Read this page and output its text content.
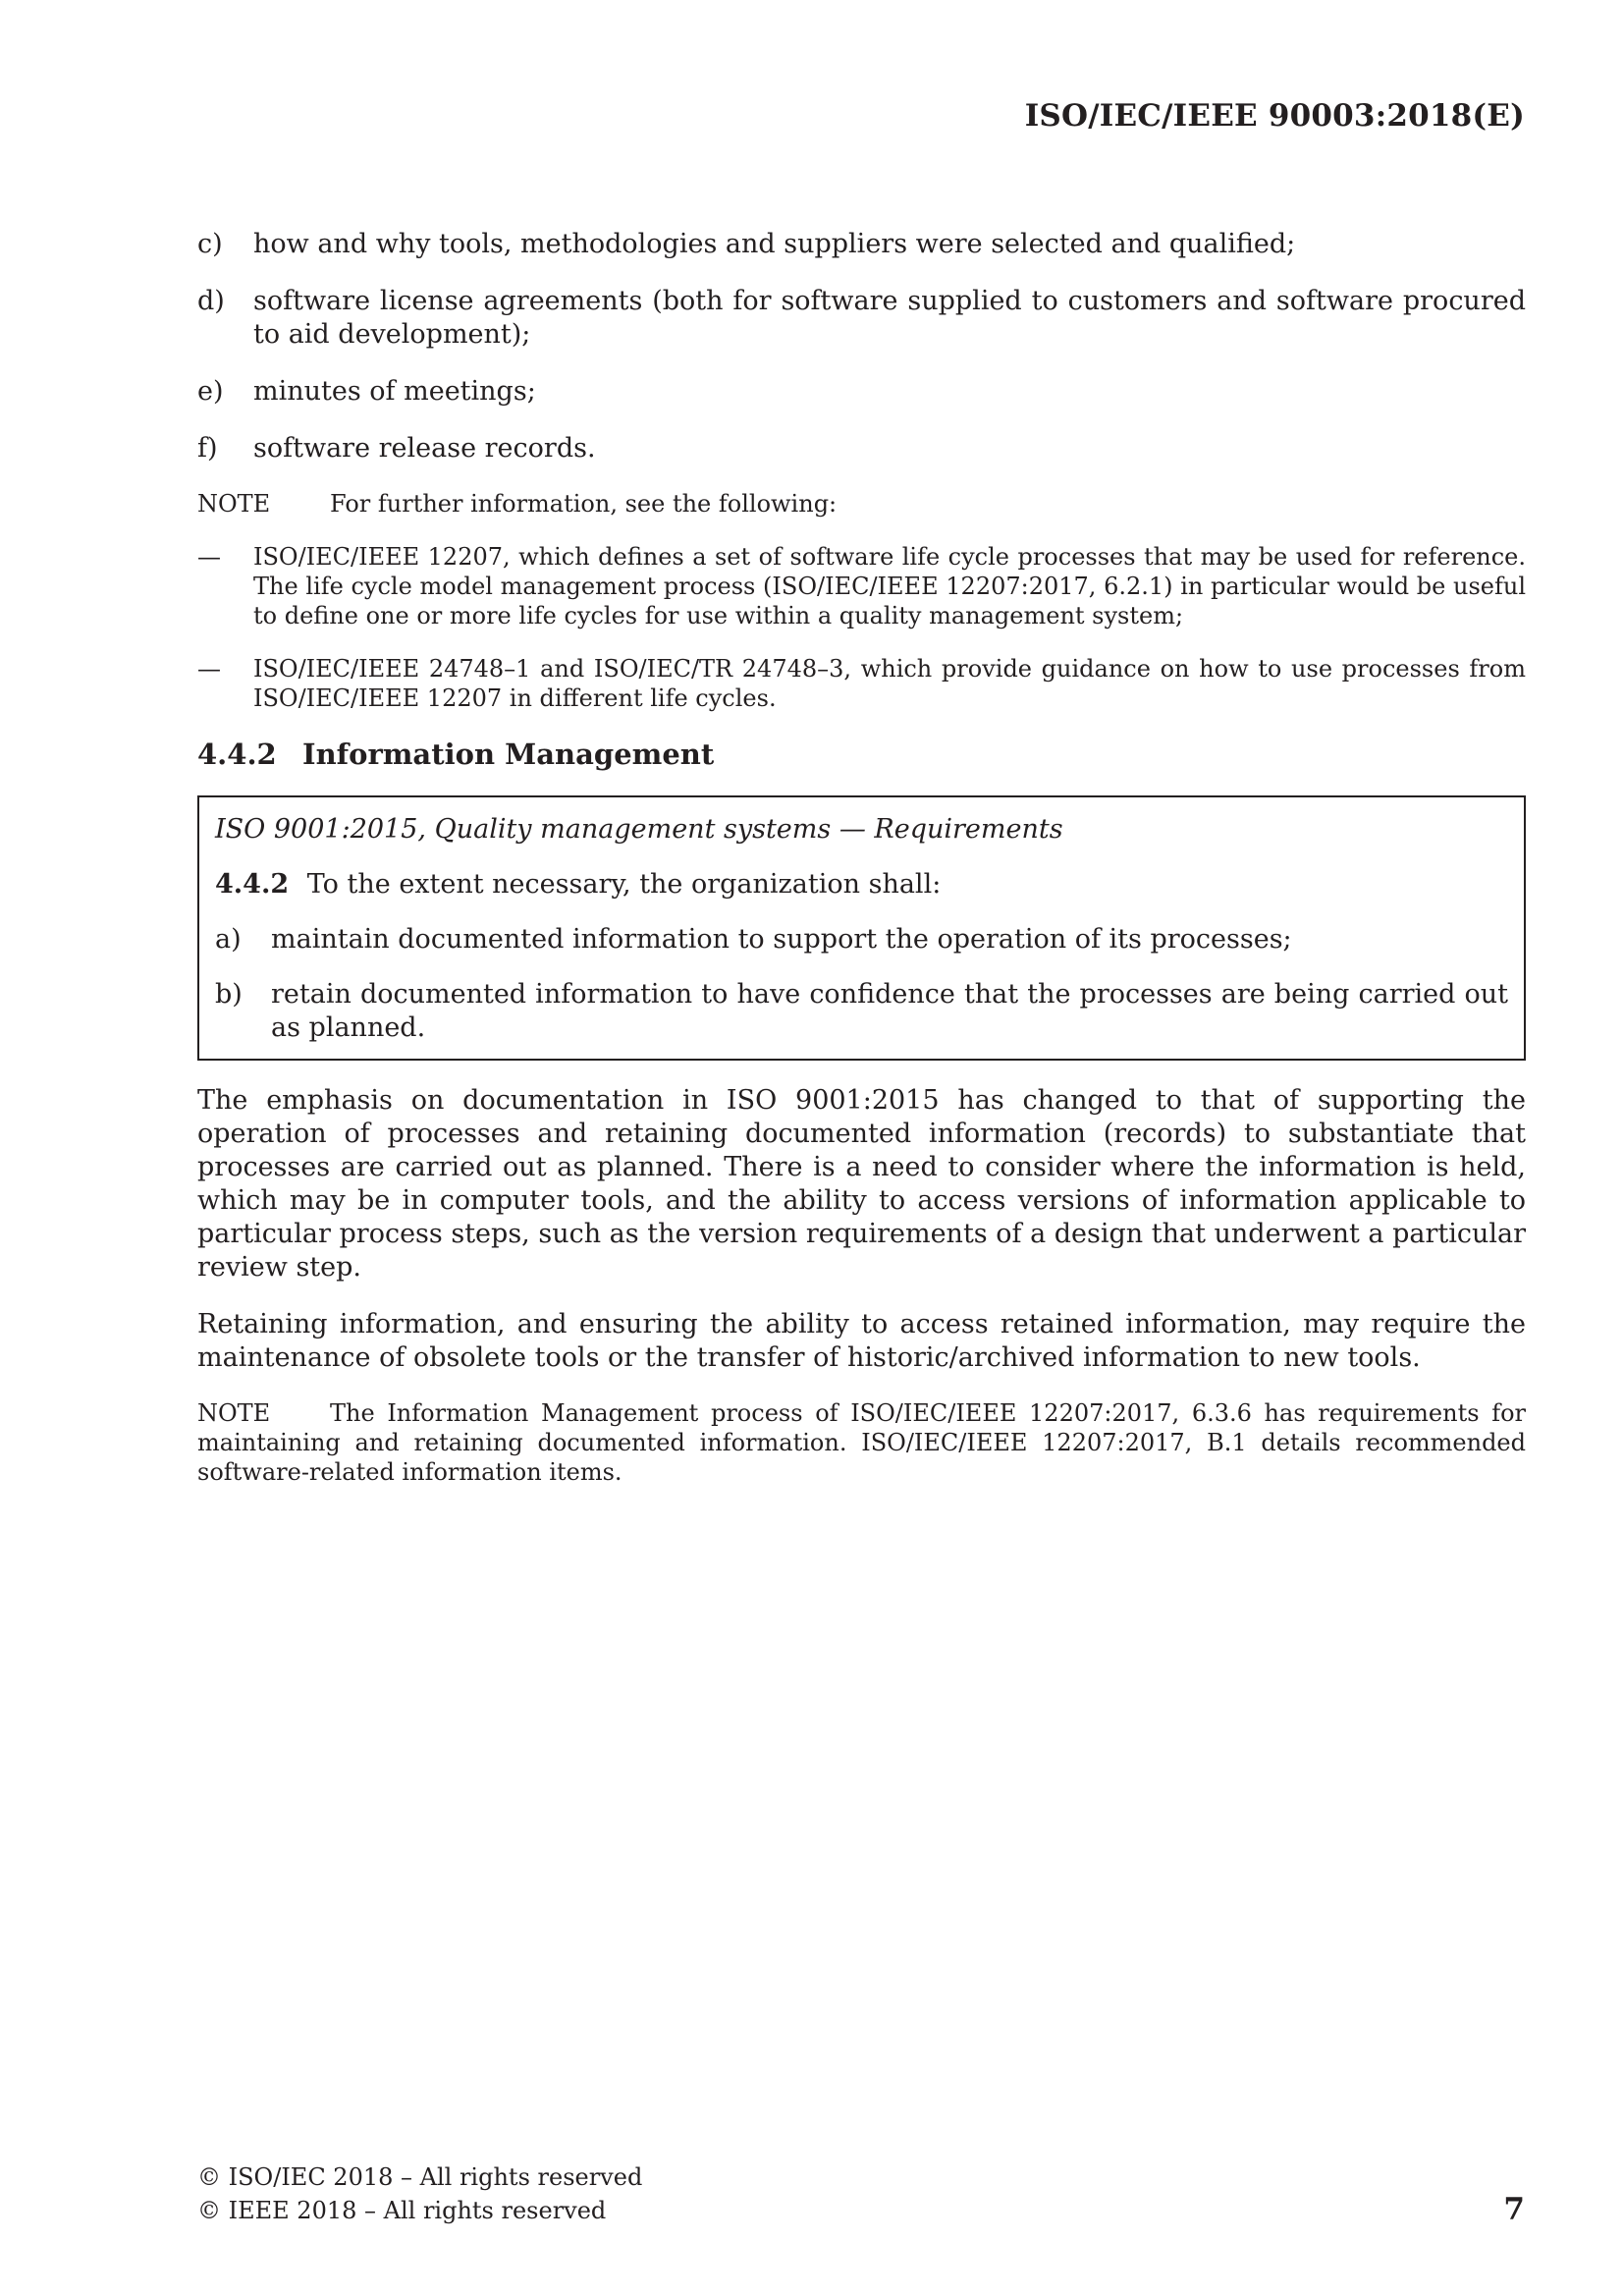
ISO/IEC/IEEE 90003:2018(E)
c)	how and why tools, methodologies and suppliers were selected and qualified;
d)	software license agreements (both for software supplied to customers and software procured to aid development);
e)	minutes of meetings;
f)	software release records.
NOTE	For further information, see the following:
—	ISO/IEC/IEEE 12207, which defines a set of software life cycle processes that may be used for reference. The life cycle model management process (ISO/IEC/IEEE 12207:2017, 6.2.1) in particular would be useful to define one or more life cycles for use within a quality management system;
—	ISO/IEC/IEEE 24748–1 and ISO/IEC/TR 24748–3, which provide guidance on how to use processes from ISO/IEC/IEEE 12207 in different life cycles.
4.4.2 Information Management
ISO 9001:2015, Quality management systems — Requirements
4.4.2 To the extent necessary, the organization shall:
a)	maintain documented information to support the operation of its processes;
b)	retain documented information to have confidence that the processes are being carried out as planned.

The emphasis on documentation in ISO 9001:2015 has changed to that of supporting the operation of processes and retaining documented information (records) to substantiate that processes are carried out as planned. There is a need to consider where the information is held, which may be in computer tools, and the ability to access versions of information applicable to particular process steps, such as the version requirements of a design that underwent a particular review step.

Retaining information, and ensuring the ability to access retained information, may require the maintenance of obsolete tools or the transfer of historic/archived information to new tools.

NOTE	The Information Management process of ISO/IEC/IEEE 12207:2017, 6.3.6 has requirements for maintaining and retaining documented information. ISO/IEC/IEEE 12207:2017, B.1 details recommended software-related information items.
© ISO/IEC 2018 – All rights reserved
© IEEE 2018 – All rights reserved	7
